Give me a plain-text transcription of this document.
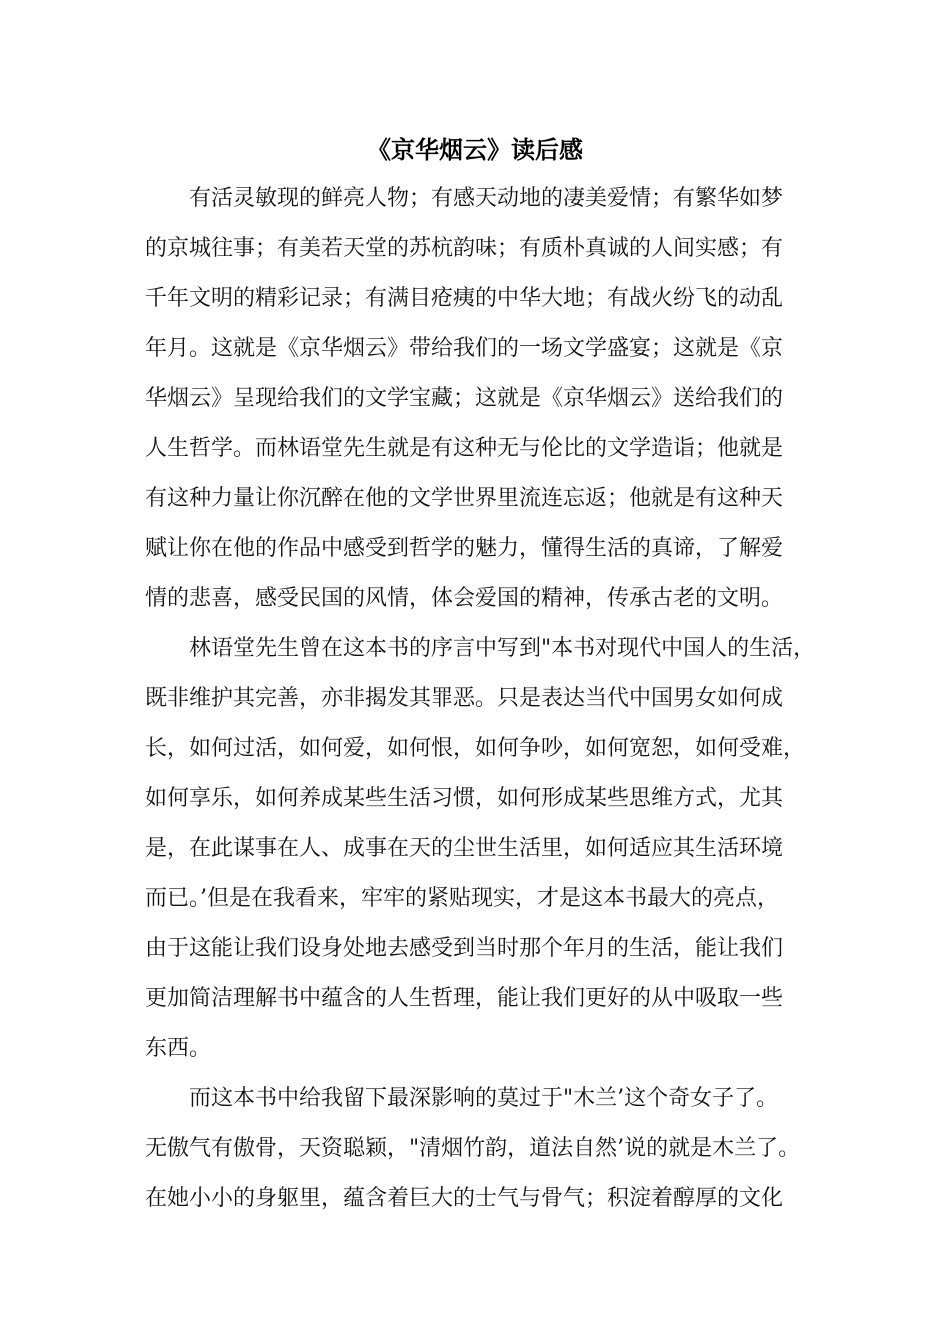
《京华烟云》读后感
有活灵敏现的鲜亮人物；有感天动地的凄美爱情；有繁华如梦
的京城往事；有美若天堂的苏杭韵味；有质朴真诚的人间实感；有
千年文明的精彩记录；有满目疮痍的中华大地；有战火纷飞的动乱
年月。这就是《京华烟云》带给我们的一场文学盛宴；这就是《京
华烟云》呈现给我们的文学宝藏；这就是《京华烟云》送给我们的
人生哲学。而林语堂先生就是有这种无与伦比的文学造诣；他就是
有这种力量让你沉醉在他的文学世界里流连忘返；他就是有这种天
赋让你在他的作品中感受到哲学的魅力，懂得生活的真谛，了解爱
情的悲喜，感受民国的风情，体会爱国的精神，传承古老的文明。
林语堂先生曾在这本书的序言中写到"本书对现代中国人的生活，
既非维护其完善，亦非揭发其罪恶。只是表达当代中国男女如何成
长，如何过活，如何爱，如何恨，如何争吵，如何宽恕，如何受难，
如何享乐，如何养成某些生活习惯，如何形成某些思维方式，尤其
是，在此谋事在人、成事在天的尘世生活里，如何适应其生活环境
而已。’但是在我看来，牢牢的紧贴现实，才是这本书最大的亮点，
由于这能让我们设身处地去感受到当时那个年月的生活，能让我们
更加简洁理解书中蕴含的人生哲理，能让我们更好的从中吸取一些
东西。
而这本书中给我留下最深影响的莫过于"木兰’这个奇女子了。
无傲气有傲骨，天资聪颖，"清烟竹韵，道法自然’说的就是木兰了。
在她小小的身躯里，蕴含着巨大的士气与骨气；积淀着醇厚的文化
